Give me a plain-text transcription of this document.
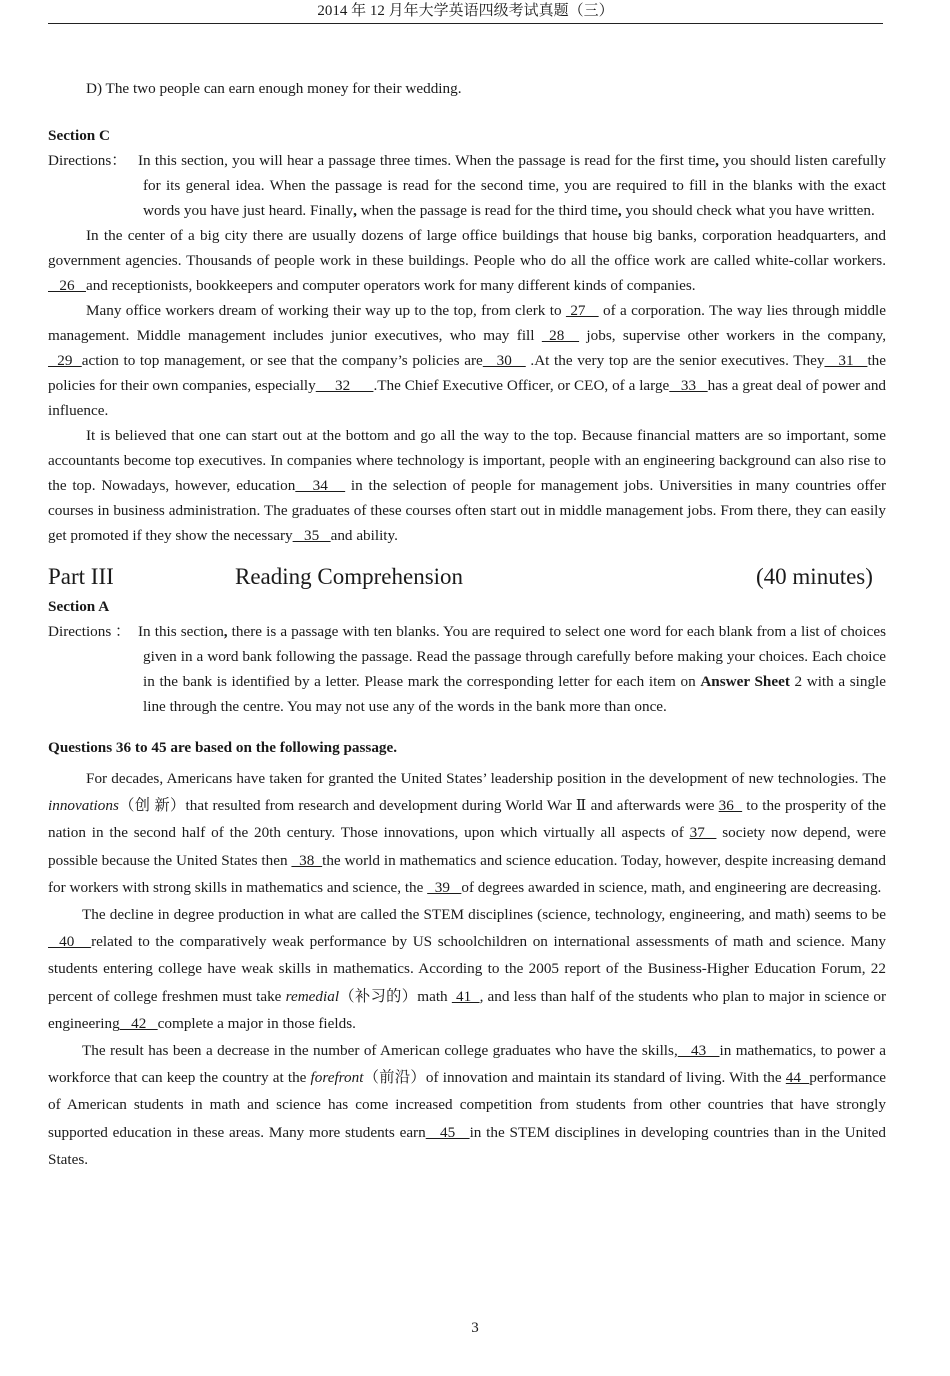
2014 年 12 月年大学英语四级考试真题（三）

D) The two people can earn enough money for their wedding.

Section C

Directions： In this section, you will hear a passage three times. When the passage is read for the first time, you should listen carefully for its general idea. When the passage is read for the second time, you are required to fill in the blanks with the exact words you have just heard. Finally, when the passage is read for the third time, you should check what you have written.

In the center of a big city there are usually dozens of large office buildings that house big banks, corporation headquarters, and government agencies. Thousands of people work in these buildings. People who do all the office work are called white-collar workers.   26   and receptionists, bookkeepers and computer operators work for many different kinds of companies.

Many office workers dream of working their way up to the top, from clerk to  27    of a corporation. The way lies through middle management. Middle management includes junior executives, who may fill  28   jobs, supervise other workers in the company,   29  action to top management, or see that the company’s policies are   30    .At the very top are the senior executives. They   31   the policies for their own companies, especially     32      .The Chief Executive Officer, or CEO, of a large   33   has a great deal of power and influence.

It is believed that one can start out at the bottom and go all the way to the top. Because financial matters are so important, some accountants become top executives. In companies where technology is important, people with an engineering background can also rise to the top. Nowadays, however, education   34    in the selection of people for management jobs. Universities in many countries offer courses in business administration. The graduates of these courses often start out in middle management jobs. From there, they can easily get promoted if they show the necessary   35   and ability.

Part III	Reading Comprehension	(40 minutes)
Section A

Directions ： In this section, there is a passage with ten blanks. You are required to select one word for each blank from a list of choices given in a word bank following the passage. Read the passage through carefully before making your choices. Each choice in the bank is identified by a letter. Please mark the corresponding letter for each item on Answer Sheet 2 with a single line through the centre. You may not use any of the words in the bank more than once.

Questions 36 to 45 are based on the following passage.

For decades, Americans have taken for granted the United States’ leadership position in the development of new technologies. The innovations（创 新）that resulted from research and development during World War Ⅱ and afterwards were 36   to the prosperity of the nation in the second half of the 20th century. Those innovations, upon which virtually all aspects of 37   society now depend, were possible because the United States then   38  the world in mathematics and science education. Today, however, despite increasing demand for workers with strong skills in mathematics and science, the   39   of degrees awarded in science, math, and engineering are decreasing.

The decline in degree production in what are called the STEM disciplines (science, technology, engineering, and math) seems to be   40   related to the comparatively weak performance by US schoolchildren on international assessments of math and science. Many students entering college have weak skills in mathematics. According to the 2005 report of the Business-Higher Education Forum, 22 percent of college freshmen must take remedial（补习的）math  41  , and less than half of the students who plan to major in science or engineering   42   complete a major in those fields.

The result has been a decrease in the number of American college graduates who have the skills,   43   in mathematics, to power a workforce that can keep the country at the forefront（前沿）of innovation and maintain its standard of living. With the 44  performance of American students in math and science has come increased competition from students from other countries that have strongly supported education in these areas. Many more students earn   45   in the STEM disciplines in developing countries than in the United States.

3
